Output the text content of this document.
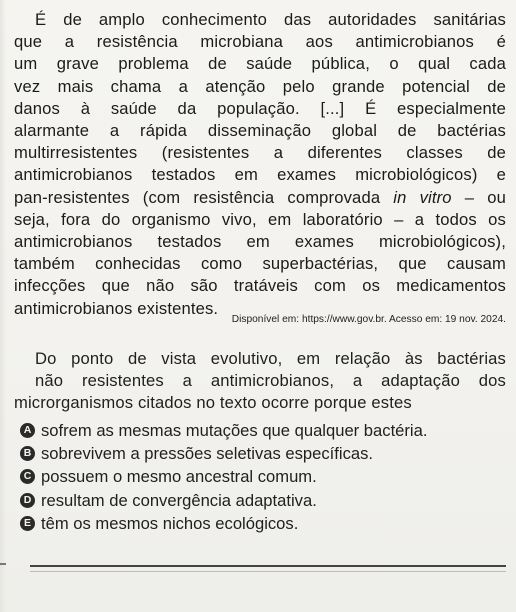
É de amplo conhecimento das autoridades sanitárias
que a resistência microbiana aos antimicrobianos é
um grave problema de saúde pública, o qual cada
vez mais chama a atenção pelo grande potencial de
danos à saúde da população. [...] É especialmente
alarmante a rápida disseminação global de bactérias
multirresistentes (resistentes a diferentes classes de
antimicrobianos testados em exames microbiológicos) e
pan-resistentes (com resistência comprovada in vitro – ou
seja, fora do organismo vivo, em laboratório – a todos os
antimicrobianos testados em exames microbiológicos),
também conhecidas como superbactérias, que causam
infecções que não são tratáveis com os medicamentos
antimicrobianos existentes.
Disponível em: https://www.gov.br. Acesso em: 19 nov. 2024.
Do ponto de vista evolutivo, em relação às bactérias
não resistentes a antimicrobianos, a adaptação dos
microrganismos citados no texto ocorre porque estes
A sofrem as mesmas mutações que qualquer bactéria.
B sobrevivem a pressões seletivas específicas.
C possuem o mesmo ancestral comum.
D resultam de convergência adaptativa.
E têm os mesmos nichos ecológicos.
